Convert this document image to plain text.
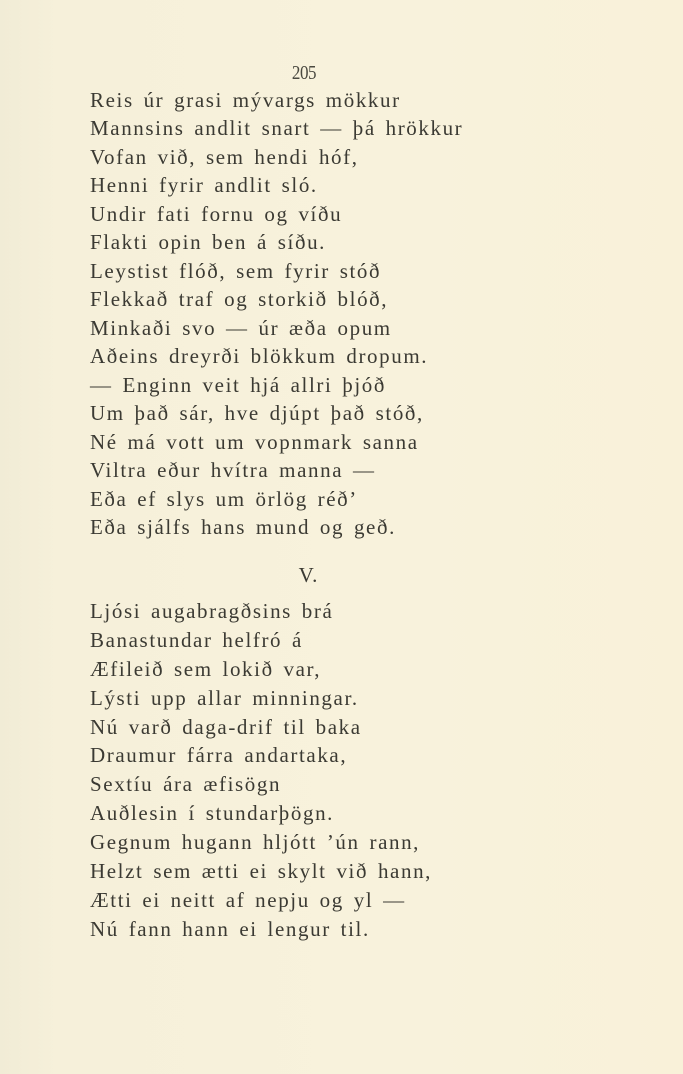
205
Reis úr grasi mývargs mökkur
Mannsins andlit snart — þá hrökkur
Vofan við, sem hendi hóf,
Henni fyrir andlit sló.
Undir fati fornu og víðu
Flakti opin ben á síðu.
Leystist flóð, sem fyrir stóð
Flekkað traf og storkið blóð,
Minkaði svo — úr æða opum
Aðeins dreyrði blökkum dropum.
— Enginn veit hjá allri þjóð
Um það sár, hve djúpt það stóð,
Né má vott um vopnmark sanna
Viltra eður hvítra manna —
Eða ef slys um örlög réð’
Eða sjálfs hans mund og geð.
V.
Ljósi augabragðsins brá
Banastundar helfró á
Æfileið sem lokið var,
Lýsti upp allar minningar.
Nú varð daga-drif til baka
Draumur fárra andartaka,
Sextíu ára æfisögn
Auðlesin í stundarþögn.
Gegnum hugann hljótt ’ún rann,
Helzt sem ætti ei skylt við hann,
Ætti ei neitt af nepju og yl —
Nú fann hann ei lengur til.
